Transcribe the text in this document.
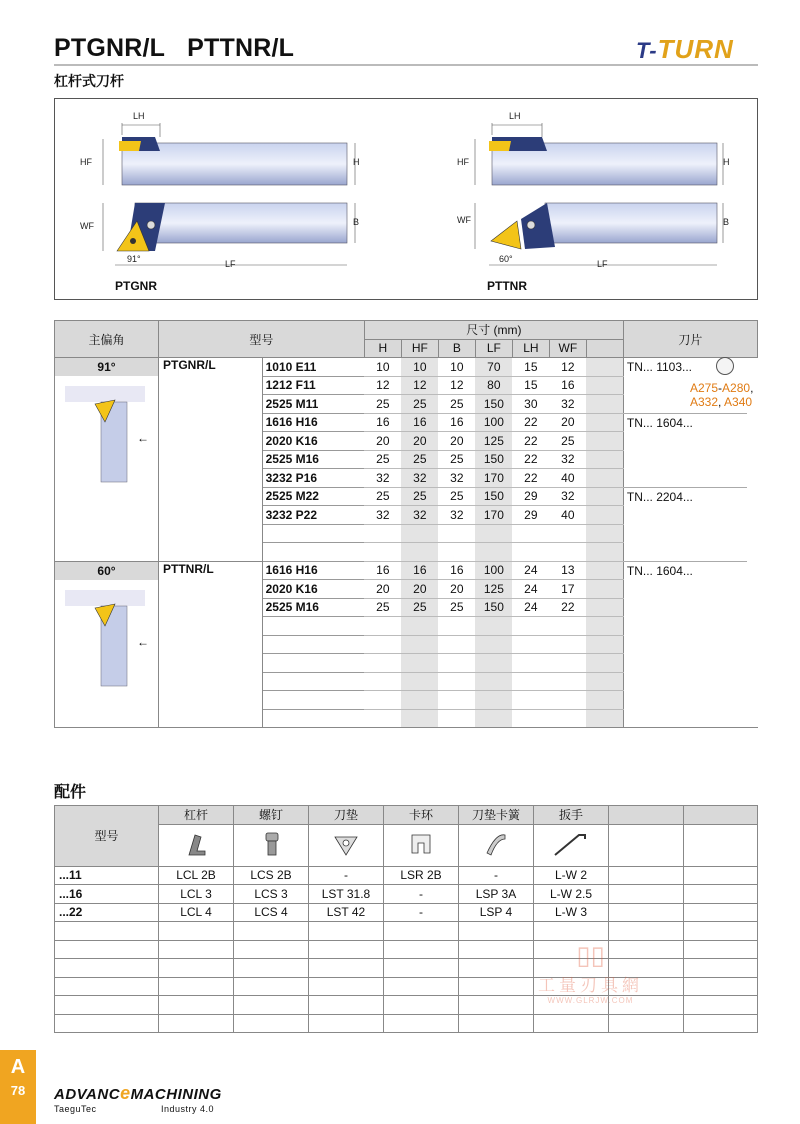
PTGNR/L PTTNR/L	T-TURN
杠杆式刀杆
LH
HF	H
WF	B
LF
91°
PTGNR
LH
HF	H
WF	B
LF
60°
PTTNR
主偏角	型号		尺寸 (mm)							刀片	
			H	HF	B	LF	LH	WF			

91°
←	PTGNR/L	1010 E11	10	10	10	70	15	12		TN... 1103...	
		1212 F11	12	12	12	80	15	16			
		2525 M11	25	25	25	150	30	32			
		1616 H16	16	16	16	100	22	20		TN... 1604...	
		2020 K16	20	20	20	125	22	25			
		2525 M16	25	25	25	150	22	32			
		3232 P16	32	32	32	170	22	40			
		2525 M22	25	25	25	150	29	32		TN... 2204...	
		3232 P22	32	32	32	170	29	40			

60°
←	PTTNR/L	1616 H16	16	16	16	100	24	13		TN... 1604...	
		2020 K16	20	20	20	125	24	17			
		2525 M16	25	25	25	150	24	22			

A275-A280,
A332, A340
配件
型号	杠杆	螺钉	刀垫	卡环	刀垫卡簧	扳手		

...11	LCL 2B	LCS 2B	-	LSR 2B	-	L-W 2		
...16	LCL 3	LCS 3	LST 31.8	-	LSP 3A	L-W 2.5		
...22	LCL 4	LCS 4	LST 42	-	LSP 4	L-W 3		

▯▯
工量刃具網
WWW.GLRJW.COM
A
78	ADVANCeMACHINING
TaeguTec	Industry 4.0
